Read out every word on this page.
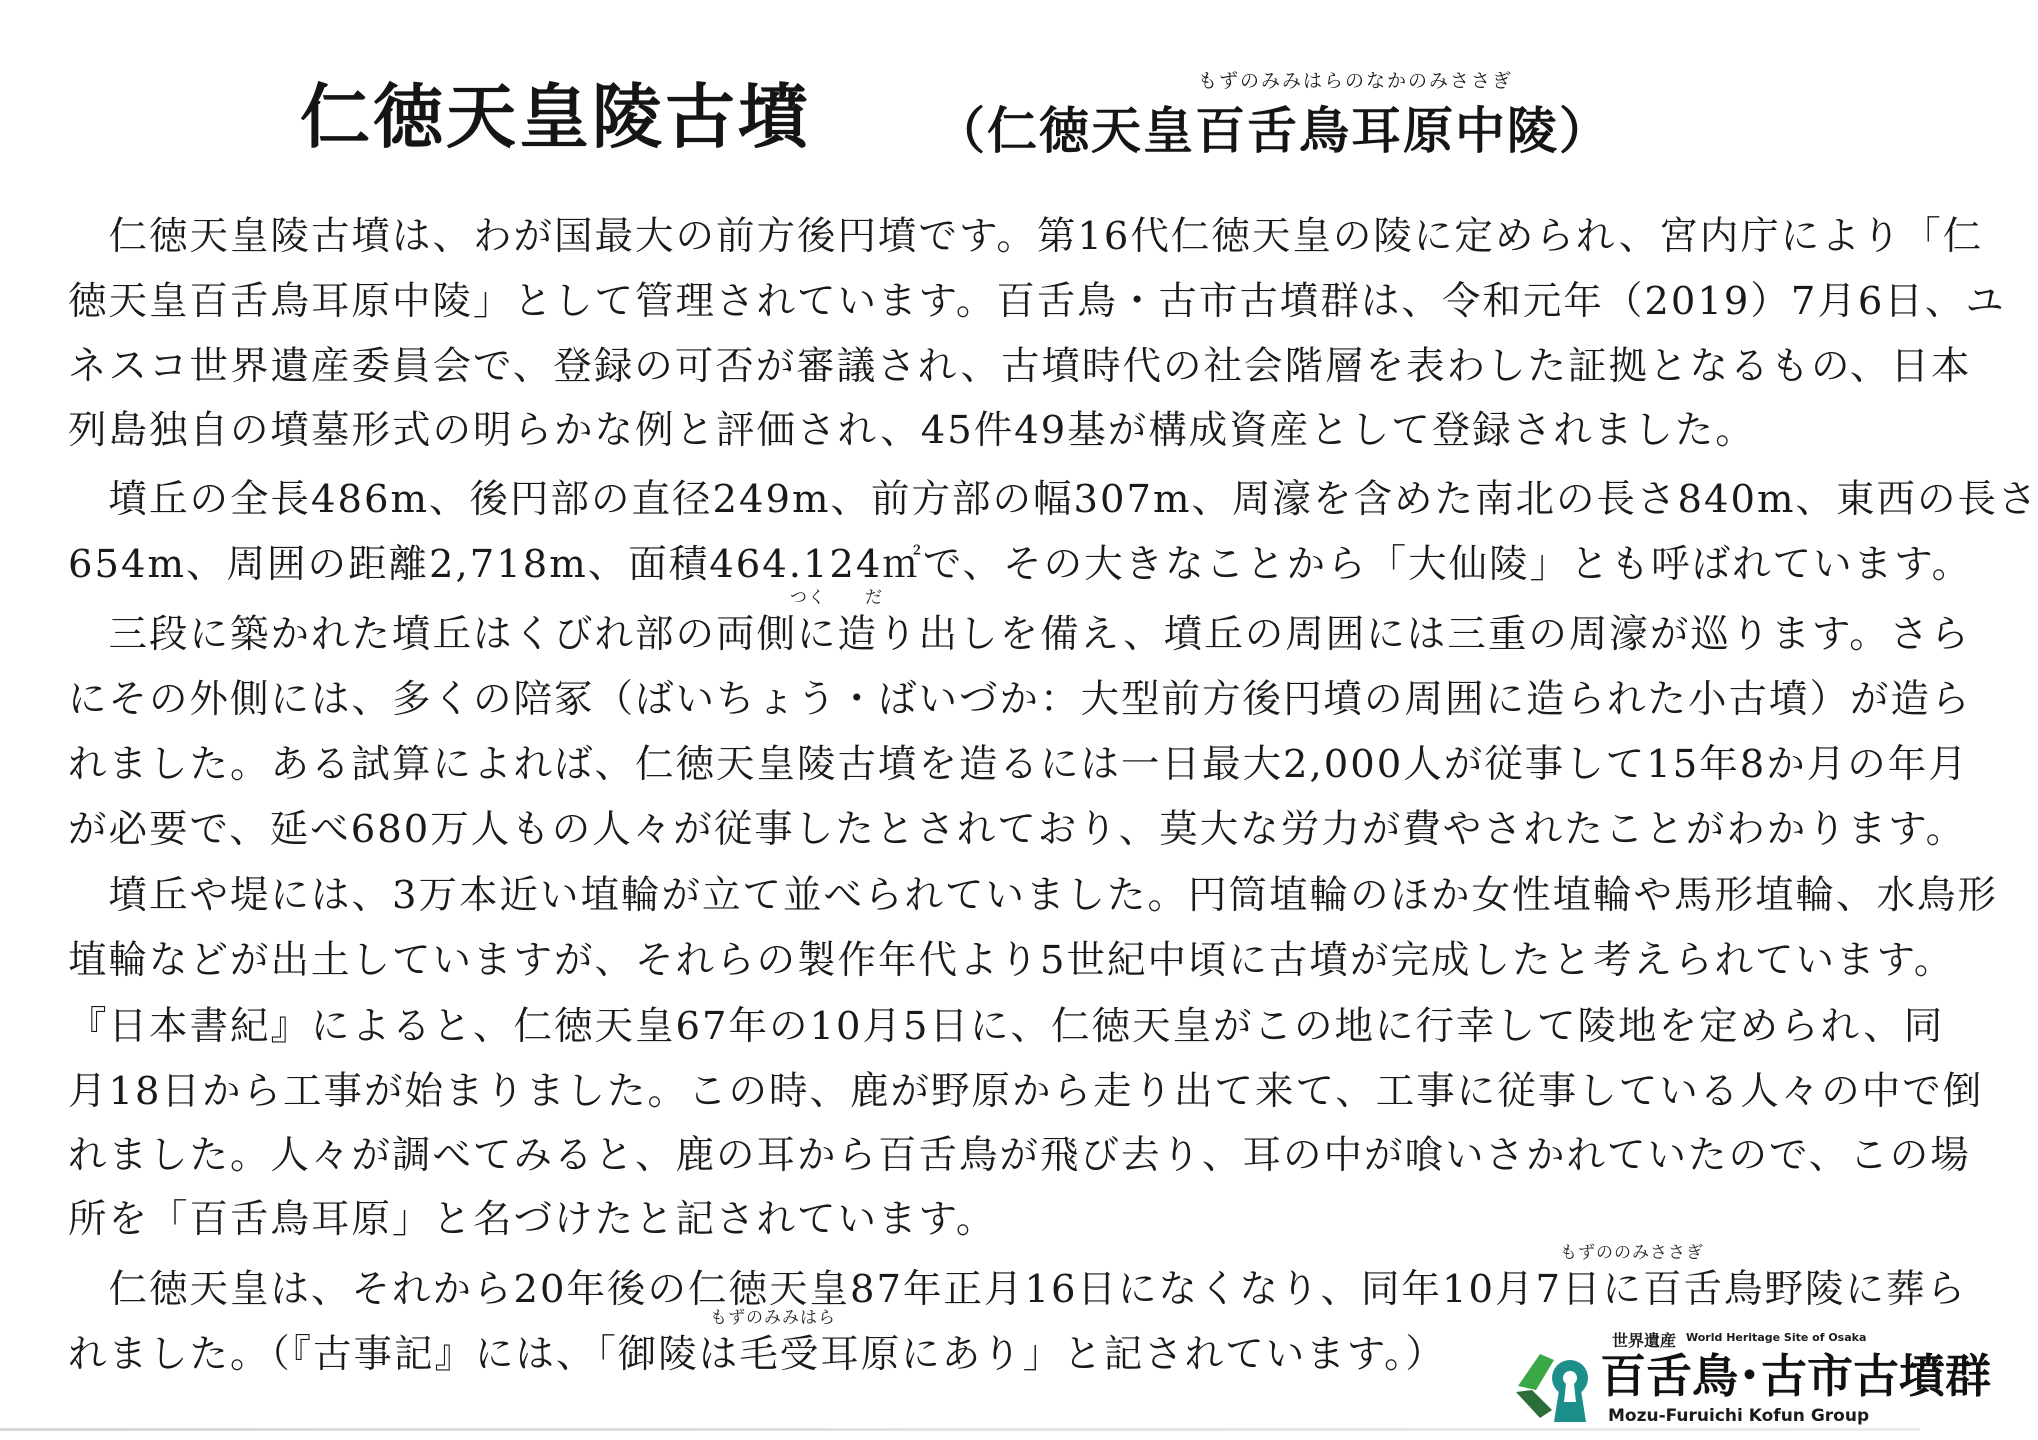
もずのみみはらのなかのみささぎ
仁徳天皇陵古墳 （仁徳天皇百舌鳥耳原中陵）
　仁徳天皇陵古墳は、わが国最大の前方後円墳です。第16代仁徳天皇の陵に定められ、宮内庁により「仁
徳天皇百舌鳥耳原中陵」として管理されています。百舌鳥・古市古墳群は、令和元年（2019）7月6日、ユ
ネスコ世界遺産委員会で、登録の可否が審議され、古墳時代の社会階層を表わした証拠となるもの、日本
列島独自の墳墓形式の明らかな例と評価され、45件49基が構成資産として登録されました。
　墳丘の全長486m、後円部の直径249m、前方部の幅307m、周濠を含めた南北の長さ840m、東西の長さ
654m、周囲の距離2,718m、面積464.124㎡で、その大きなことから「大仙陵」とも呼ばれています。
つく だ
　三段に築かれた墳丘はくびれ部の両側に造り出しを備え、墳丘の周囲には三重の周濠が巡ります。さら
にその外側には、多くの陪冢（ばいちょう・ばいづか：大型前方後円墳の周囲に造られた小古墳）が造ら
れました。ある試算によれば、仁徳天皇陵古墳を造るには一日最大2,000人が従事して15年8か月の年月
が必要で、延べ680万人もの人々が従事したとされており、莫大な労力が費やされたことがわかります。
　墳丘や堤には、3万本近い埴輪が立て並べられていました。円筒埴輪のほか女性埴輪や馬形埴輪、水鳥形
埴輪などが出土していますが、それらの製作年代より5世紀中頃に古墳が完成したと考えられています。
『日本書紀』によると、仁徳天皇67年の10月5日に、仁徳天皇がこの地に行幸して陵地を定められ、同
月18日から工事が始まりました。この時、鹿が野原から走り出て来て、工事に従事している人々の中で倒
れました。人々が調べてみると、鹿の耳から百舌鳥が飛び去り、耳の中が喰いさかれていたので、この場
所を「百舌鳥耳原」と名づけたと記されています。
もずののみささぎ
　仁徳天皇は、それから20年後の仁徳天皇87年正月16日になくなり、同年10月7日に百舌鳥野陵に葬ら
もずのみみはら
れました。（『古事記』には、「御陵は毛受耳原にあり」と記されています。）	世界遺産 World Heritage Site of Osaka
百舌鳥･古市古墳群
Mozu-Furuichi Kofun Group
